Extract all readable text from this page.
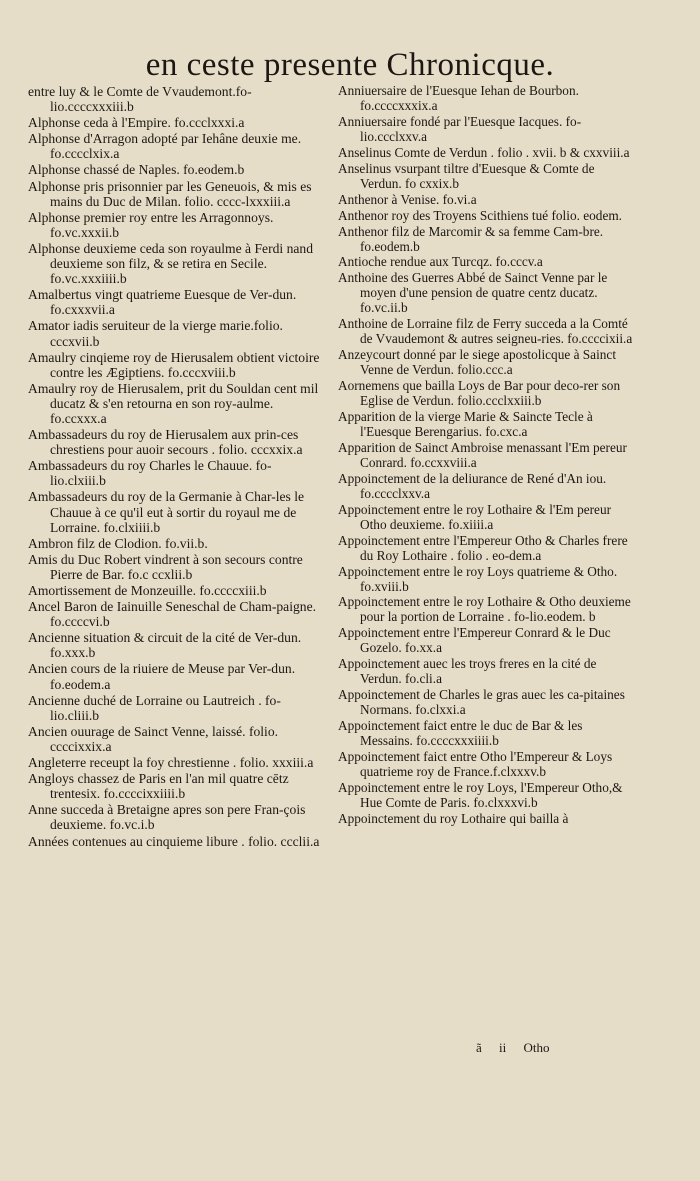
en ceste presente Chronicque.

entre luy & le Comte de Vvaudemont.fo-lio.ccccxxxiii.b

Alphonse ceda à l'Empire. fo.ccclxxxi.a

Alphonse d'Arragon adopté par Iehâne deuxie me. fo.cccclxix.a

Alphonse chassé de Naples. fo.eodem.b

Alphonse pris prisonnier par les Geneuois, & mis es mains du Duc de Milan. folio. cccc-lxxxiii.a

Alphonse premier roy entre les Arragonnoys. fo.vc.xxxii.b

Alphonse deuxieme ceda son royaulme à Ferdi nand deuxieme son filz, & se retira en Secile. fo.vc.xxxiiii.b

Amalbertus vingt quatrieme Euesque de Ver-dun. fo.cxxxvii.a

Amator iadis seruiteur de la vierge marie.folio. cccxvii.b

Amaulry cinqieme roy de Hierusalem obtient victoire contre les Ægiptiens. fo.cccxviii.b

Amaulry roy de Hierusalem, prit du Souldan cent mil ducatz & s'en retourna en son roy-aulme. fo.ccxxx.a

Ambassadeurs du roy de Hierusalem aux prin-ces chrestiens pour auoir secours . folio. cccxxix.a

Ambassadeurs du roy Charles le Chauue. fo-lio.clxiii.b

Ambassadeurs du roy de la Germanie à Char-les le Chauue à ce qu'il eut à sortir du royaul me de Lorraine. fo.clxiiii.b

Ambron filz de Clodion. fo.vii.b.

Amis du Duc Robert vindrent à son secours contre Pierre de Bar. fo.c ccxlii.b

Amortissement de Monzeuille. fo.ccccxiii.b

Ancel Baron de Iainuille Seneschal de Cham-paigne. fo.ccccvi.b

Ancienne situation & circuit de la cité de Ver-dun. fo.xxx.b

Ancien cours de la riuiere de Meuse par Ver-dun. fo.eodem.a

Ancienne duché de Lorraine ou Lautreich . fo-lio.cliii.b

Ancien ouurage de Sainct Venne, laissé. folio. ccccixxix.a

Angleterre receupt la foy chrestienne . folio. xxxiii.a

Angloys chassez de Paris en l'an mil quatre cētz trentesix. fo.ccccixxiiii.b

Anne succeda à Bretaigne apres son pere Fran-çois deuxieme. fo.vc.i.b

Années contenues au cinquieme libure . folio. ccclii.a

Anniuersaire de l'Euesque Iehan de Bourbon. fo.ccccxxxix.a

Anniuersaire fondé par l'Euesque Iacques. fo-lio.ccclxxv.a

Anselinus Comte de Verdun . folio . xvii. b & cxxviii.a

Anselinus vsurpant tiltre d'Euesque & Comte de Verdun. fo cxxix.b

Anthenor à Venise. fo.vi.a

Anthenor roy des Troyens Scithiens tué folio. eodem.

Anthenor filz de Marcomir & sa femme Cam-bre. fo.eodem.b

Antioche rendue aux Turcqz. fo.cccv.a

Anthoine des Guerres Abbé de Sainct Venne par le moyen d'une pension de quatre centz ducatz. fo.vc.ii.b

Anthoine de Lorraine filz de Ferry succeda a la Comté de Vvaudemont & autres seigneu-ries. fo.ccccixii.a

Anzeycourt donné par le siege apostolicque à Sainct Venne de Verdun. folio.ccc.a

Aornemens que bailla Loys de Bar pour deco-rer son Eglise de Verdun. folio.ccclxxiii.b

Apparition de la vierge Marie & Saincte Tecle à l'Euesque Berengarius. fo.cxc.a

Apparition de Sainct Ambroise menassant l'Em pereur Conrard. fo.ccxxviii.a

Appoinctement de la deliurance de René d'An iou. fo.cccclxxv.a

Appoinctement entre le roy Lothaire & l'Em pereur Otho deuxieme. fo.xiiii.a

Appoinctement entre l'Empereur Otho & Charles frere du Roy Lothaire . folio . eo-dem.a

Appoinctement entre le roy Loys quatrieme & Otho. fo.xviii.b

Appoinctement entre le roy Lothaire & Otho deuxieme pour la portion de Lorraine . fo-lio.eodem. b

Appoinctement entre l'Empereur Conrard & le Duc Gozelo. fo.xx.a

Appoinctement auec les troys freres en la cité de Verdun. fo.cli.a

Appoinctement de Charles le gras auec les ca-pitaines Normans. fo.clxxi.a

Appoinctement faict entre le duc de Bar & les Messains. fo.ccccxxxiiii.b

Appoinctement faict entre Otho l'Empereur & Loys quatrieme roy de France.f.clxxxv.b

Appoinctement entre le roy Loys, l'Empereur Otho,& Hue Comte de Paris. fo.clxxxvi.b

Appoinctement du roy Lothaire qui bailla à

ã ii Otho
